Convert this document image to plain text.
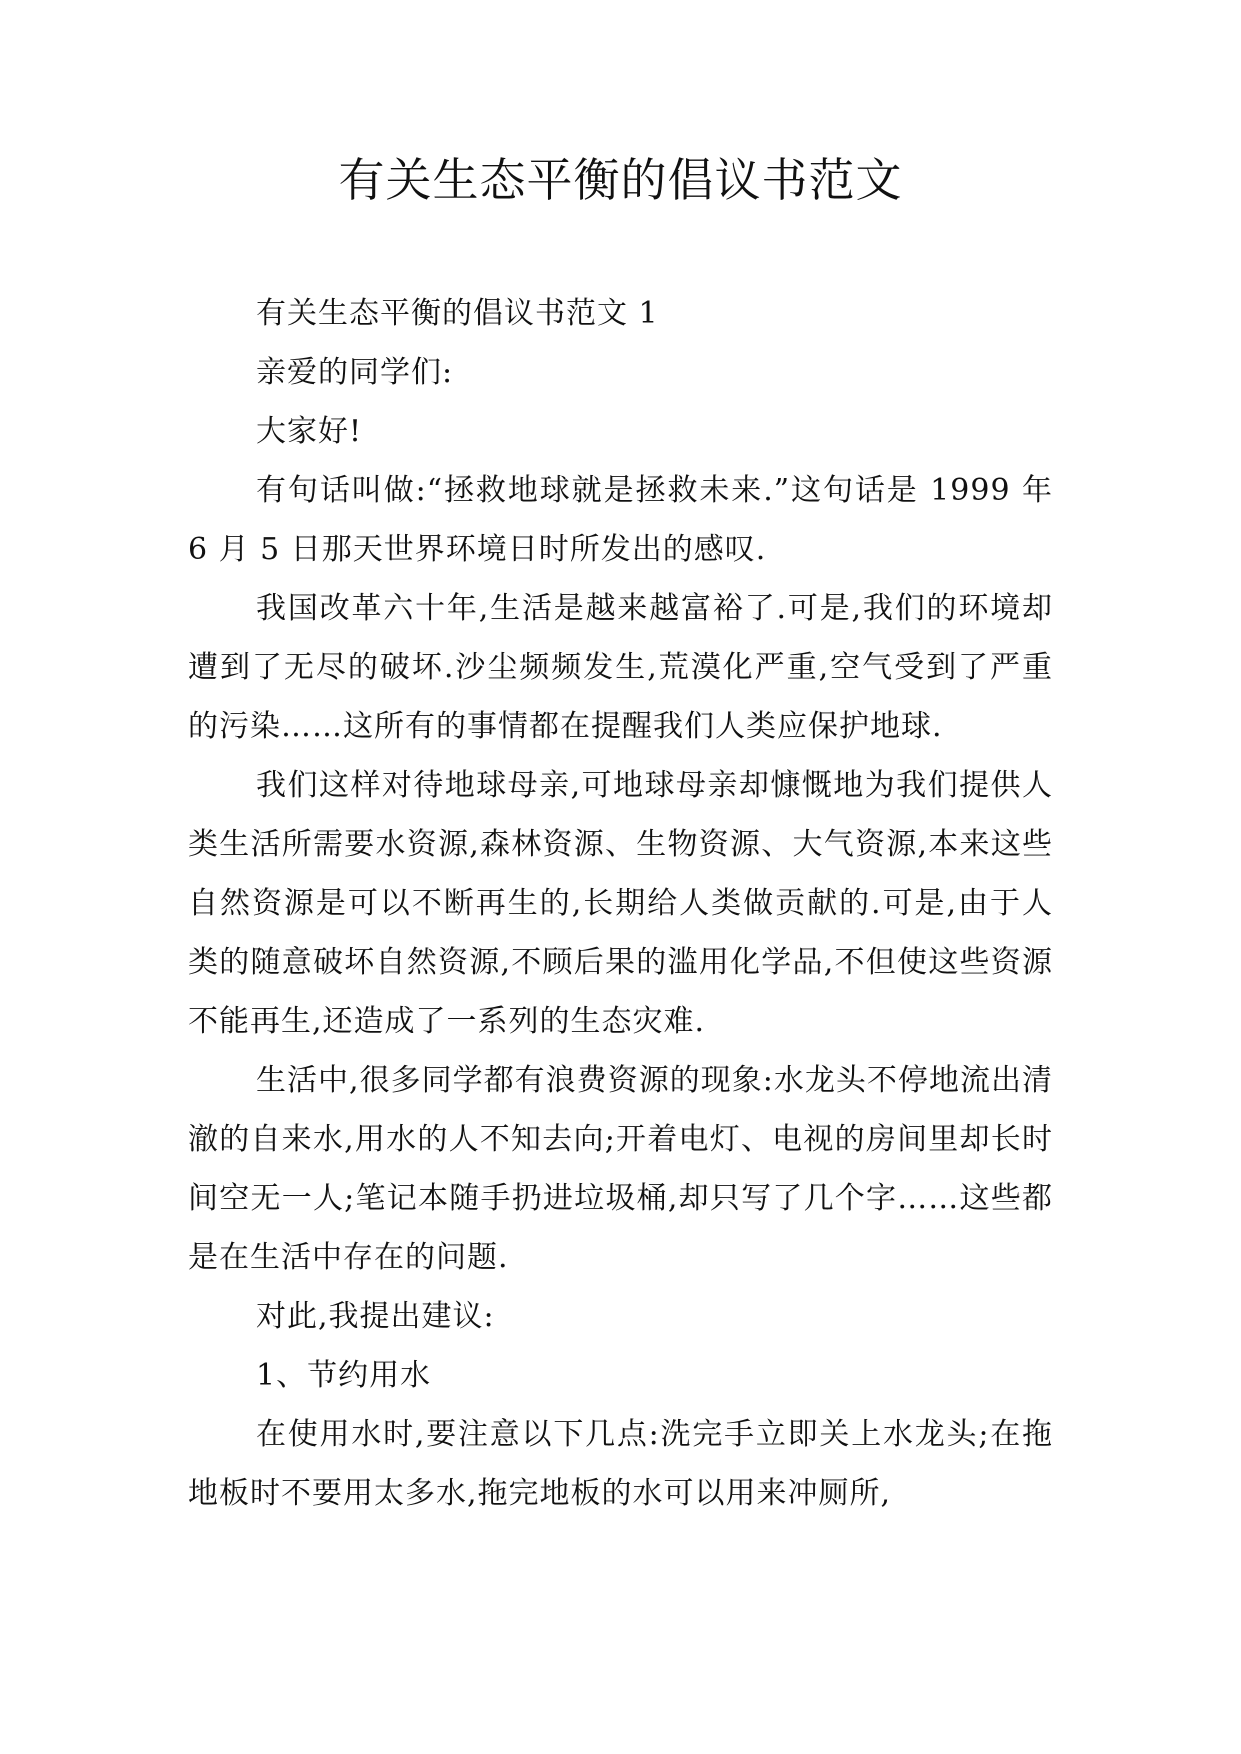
有关生态平衡的倡议书范文

有关生态平衡的倡议书范文 1

亲爱的同学们:

大家好!

有句话叫做:“拯救地球就是拯救未来.”这句话是 1999 年 6 月 5 日那天世界环境日时所发出的感叹.

我国改革六十年,生活是越来越富裕了.可是,我们的环境却遭到了无尽的破坏.沙尘频频发生,荒漠化严重,空气受到了严重的污染……这所有的事情都在提醒我们人类应保护地球.

我们这样对待地球母亲,可地球母亲却慷慨地为我们提供人类生活所需要水资源,森林资源、生物资源、大气资源,本来这些自然资源是可以不断再生的,长期给人类做贡献的.可是,由于人类的随意破坏自然资源,不顾后果的滥用化学品,不但使这些资源不能再生,还造成了一系列的生态灾难.

生活中,很多同学都有浪费资源的现象:水龙头不停地流出清澈的自来水,用水的人不知去向;开着电灯、电视的房间里却长时间空无一人;笔记本随手扔进垃圾桶,却只写了几个字……这些都是在生活中存在的问题.

对此,我提出建议:

1、节约用水

在使用水时,要注意以下几点:洗完手立即关上水龙头;在拖地板时不要用太多水,拖完地板的水可以用来冲厕所,
